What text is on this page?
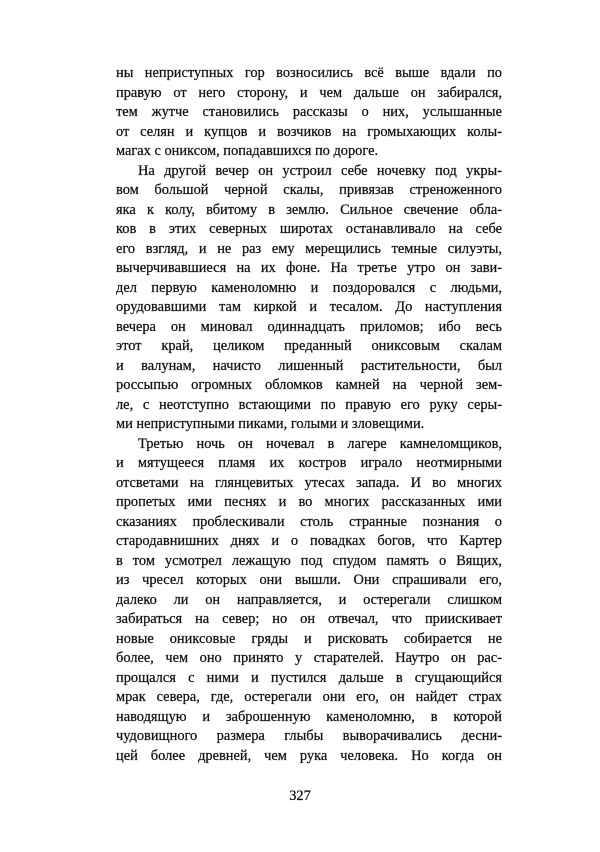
ны неприступных гор возносились всё выше вдали по
правую от него сторону, и чем дальше он забирался,
тем жутче становились рассказы о них, услышанные
от селян и купцов и возчиков на громыхающих колы-
магах с ониксом, попадавшихся по дороге.
На другой вечер он устроил себе ночевку под укры-
вом большой черной скалы, привязав стреноженного
яка к колу, вбитому в землю. Сильное свечение обла-
ков в этих северных широтах останавливало на себе
его взгляд, и не раз ему мерещились темные силуэты,
вычерчивавшиеся на их фоне. На третье утро он зави-
дел первую каменоломню и поздоровался с людьми,
орудовавшими там киркой и тесалом. До наступления
вечера он миновал одиннадцать приломов; ибо весь
этот край, целиком преданный ониксовым скалам
и валунам, начисто лишенный растительности, был
россыпью огромных обломков камней на черной зем-
ле, с неотступно встающими по правую его руку серы-
ми неприступными пиками, голыми и зловещими.
Третью ночь он ночевал в лагере камнеломщиков,
и мятущееся пламя их костров играло неотмирными
отсветами на глянцевитых утесах запада. И во многих
пропетых ими песнях и во многих рассказанных ими
сказаниях проблескивали столь странные познания о
стародавнишних днях и о повадках богов, что Картер
в том усмотрел лежащую под спудом память о Вящих,
из чресел которых они вышли. Они спрашивали его,
далеко ли он направляется, и остерегали слишком
забираться на север; но он отвечал, что приискивает
новые ониксовые гряды и рисковать собирается не
более, чем оно принято у старателей. Наутро он рас-
прощался с ними и пустился дальше в сгущающийся
мрак севера, где, остерегали они его, он найдет страх
наводящую и заброшенную каменоломню, в которой
чудовищного размера глыбы выворачивались десни-
цей более древней, чем рука человека. Но когда он
327
